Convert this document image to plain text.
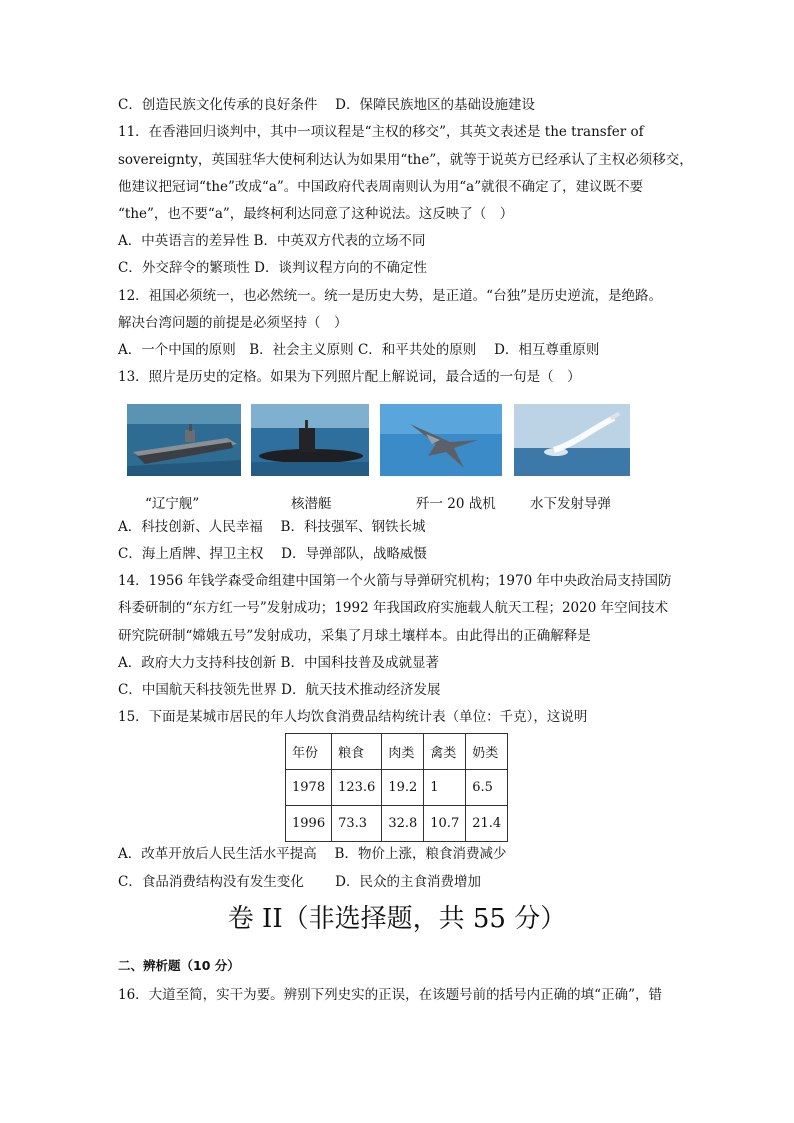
C．创造民族文化传承的良好条件　 D．保障民族地区的基础设施建设
11．在香港回归谈判中，其中一项议程是“主权的移交”，其英文表述是 the transfer of
sovereignty，英国驻华大使柯利达认为如果用“the”，就等于说英方已经承认了主权必须移交，
他建议把冠词“the”改成“a”。中国政府代表周南则认为用“a”就很不确定了，建议既不要
“the”，也不要“a”，最终柯利达同意了这种说法。这反映了（　）
A．中英语言的差异性 B．中英双方代表的立场不同
C．外交辞令的繁琐性 D．谈判议程方向的不确定性
12．祖国必须统一，也必然统一。统一是历史大势，是正道。“台独”是历史逆流，是绝路。
解决台湾问题的前提是必须坚持（　）
A．一个中国的原则　B．社会主义原则 C．和平共处的原则　 D．相互尊重原则
13．照片是历史的定格。如果为下列照片配上解说词，最合适的一句是（　）
“辽宁舰”	核潜艇	歼一 20 战机	水下发射导弹
A．科技创新、人民幸福　 B．科技强军、钢铁长城
C．海上盾牌、捍卫主权　 D．导弹部队，战略威慑
14．1956 年钱学森受命组建中国第一个火箭与导弹研究机构；1970 年中央政治局支持国防
科委研制的“东方红一号”发射成功；1992 年我国政府实施载人航天工程；2020 年空间技术
研究院研制“嫦娥五号”发射成功，采集了月球土壤样本。由此得出的正确解释是
A．政府大力支持科技创新 B．中国科技普及成就显著
C．中国航天科技领先世界 D．航天技术推动经济发展
15．下面是某城市居民的年人均饮食消费品结构统计表（单位：千克），这说明
年份	粮食	肉类	禽类	奶类
1978	123.6	19.2	1	6.5
1996	73.3	32.8	10.7	21.4
A．改革开放后人民生活水平提高　 B．物价上涨，粮食消费减少
C．食品消费结构没有发生变化　　 D．民众的主食消费增加
卷 II（非选择题，共 55 分）
二、辨析题（10 分）
16．大道至简，实干为要。辨别下列史实的正误，在该题号前的括号内正确的填“正确”，错
